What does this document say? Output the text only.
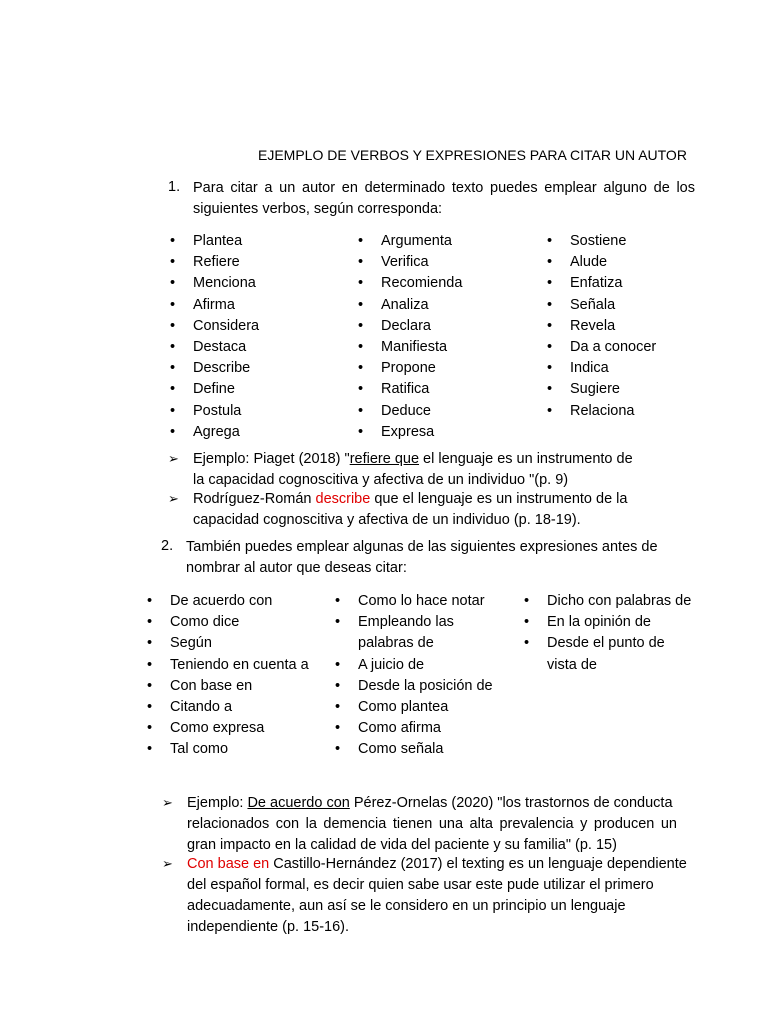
EJEMPLO DE VERBOS Y EXPRESIONES PARA CITAR UN AUTOR
1. Para citar a un autor en determinado texto puedes emplear alguno de los
siguientes verbos, según corresponda:
• Plantea
• Refiere
• Menciona
• Afirma
• Considera
• Destaca
• Describe
• Define
• Postula
• Agrega
• Argumenta
• Verifica
• Recomienda
• Analiza
• Declara
• Manifiesta
• Propone
• Ratifica
• Deduce
• Expresa
• Sostiene
• Alude
• Enfatiza
• Señala
• Revela
• Da a conocer
• Indica
• Sugiere
• Relaciona
➢ Ejemplo: Piaget (2018) "refiere que el lenguaje es un instrumento de
la capacidad cognoscitiva y afectiva de un individuo "(p. 9)
➢ Rodríguez-Román describe que el lenguaje es un instrumento de la
capacidad cognoscitiva y afectiva de un individuo (p. 18-19).
2. También puedes emplear algunas de las siguientes expresiones antes de
nombrar al autor que deseas citar:
• De acuerdo con
• Como dice
• Según
• Teniendo en cuenta a
• Con base en
• Citando a
• Como expresa
• Tal como
• Como lo hace notar
• Empleando las
palabras de
• A juicio de
• Desde la posición de
• Como plantea
• Como afirma
• Como señala
• Dicho con palabras de
• En la opinión de
• Desde el punto de
vista de
➢ Ejemplo: De acuerdo con Pérez-Ornelas (2020) "los trastornos de conducta
relacionados con la demencia tienen una alta prevalencia y producen un
gran impacto en la calidad de vida del paciente y su familia" (p. 15)
➢ Con base en Castillo-Hernández (2017) el texting es un lenguaje dependiente
del español formal, es decir quien sabe usar este pude utilizar el primero
adecuadamente, aun así se le considero en un principio un lenguaje
independiente (p. 15-16).
